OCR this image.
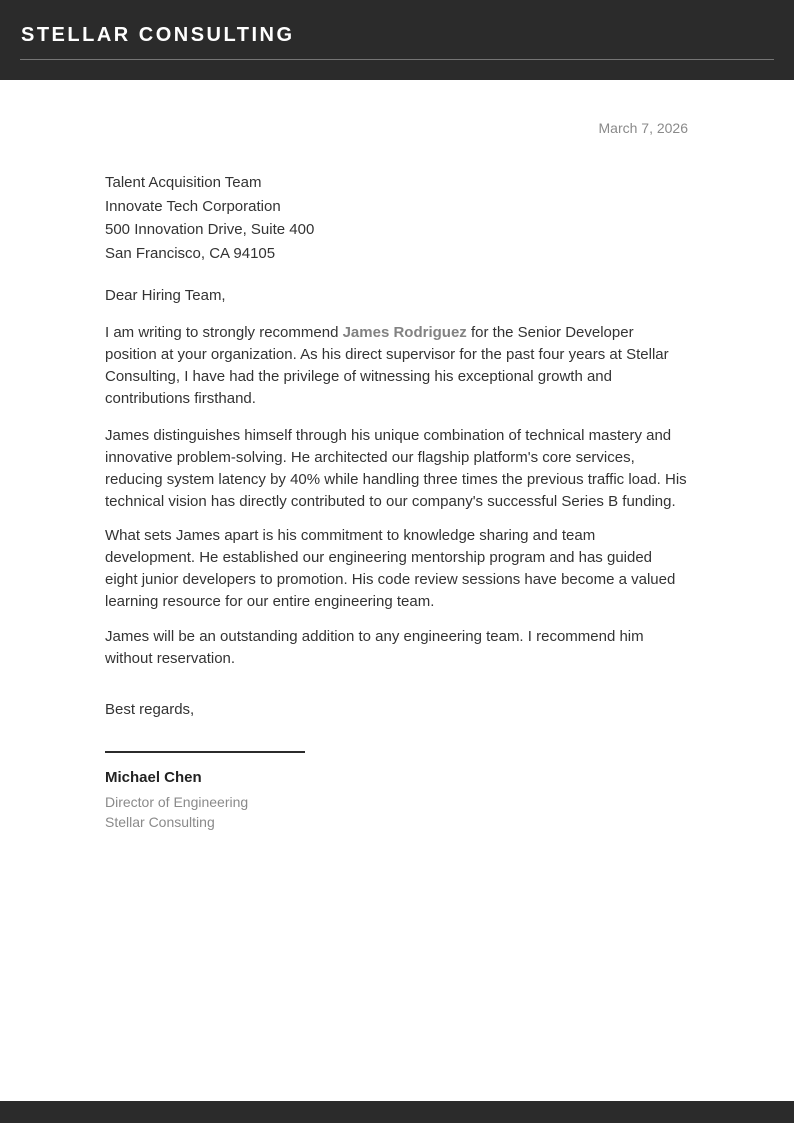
STELLAR CONSULTING
March 7, 2026
Talent Acquisition Team
Innovate Tech Corporation
500 Innovation Drive, Suite 400
San Francisco, CA 94105

Dear Hiring Team,

I am writing to strongly recommend James Rodriguez for the Senior Developer position at your organization. As his direct supervisor for the past four years at Stellar Consulting, I have had the privilege of witnessing his exceptional growth and contributions firsthand.

James distinguishes himself through his unique combination of technical mastery and innovative problem-solving. He architected our flagship platform's core services, reducing system latency by 40% while handling three times the previous traffic load. His technical vision has directly contributed to our company's successful Series B funding.

What sets James apart is his commitment to knowledge sharing and team development. He established our engineering mentorship program and has guided eight junior developers to promotion. His code review sessions have become a valued learning resource for our entire engineering team.

James will be an outstanding addition to any engineering team. I recommend him without reservation.

Best regards,

Michael Chen
Director of Engineering
Stellar Consulting
